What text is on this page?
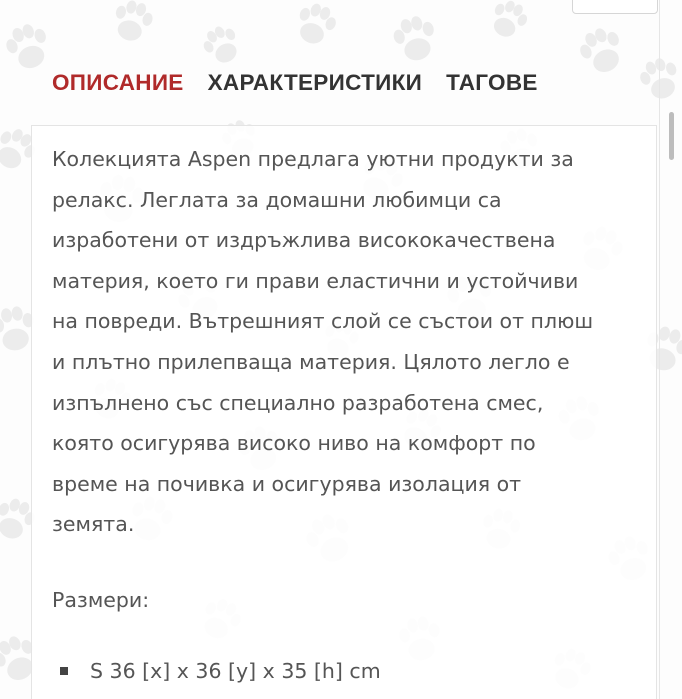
ОПИСАНИЕ ХАРАКТЕРИСТИКИ ТАГОВЕ
Колекцията Aspen предлага уютни продукти за
релакс. Леглата за домашни любимци са
изработени от издръжлива висококачествена
материя, което ги прави еластични и устойчиви
на повреди. Вътрешният слой се състои от плюш
и плътно прилепваща материя. Цялото легло е
изпълнено със специално разработена смес,
която осигурява високо ниво на комфорт по
време на почивка и осигурява изолация от
земята.

Размери:

S 36 [x] x 36 [y] x 35 [h] cm
